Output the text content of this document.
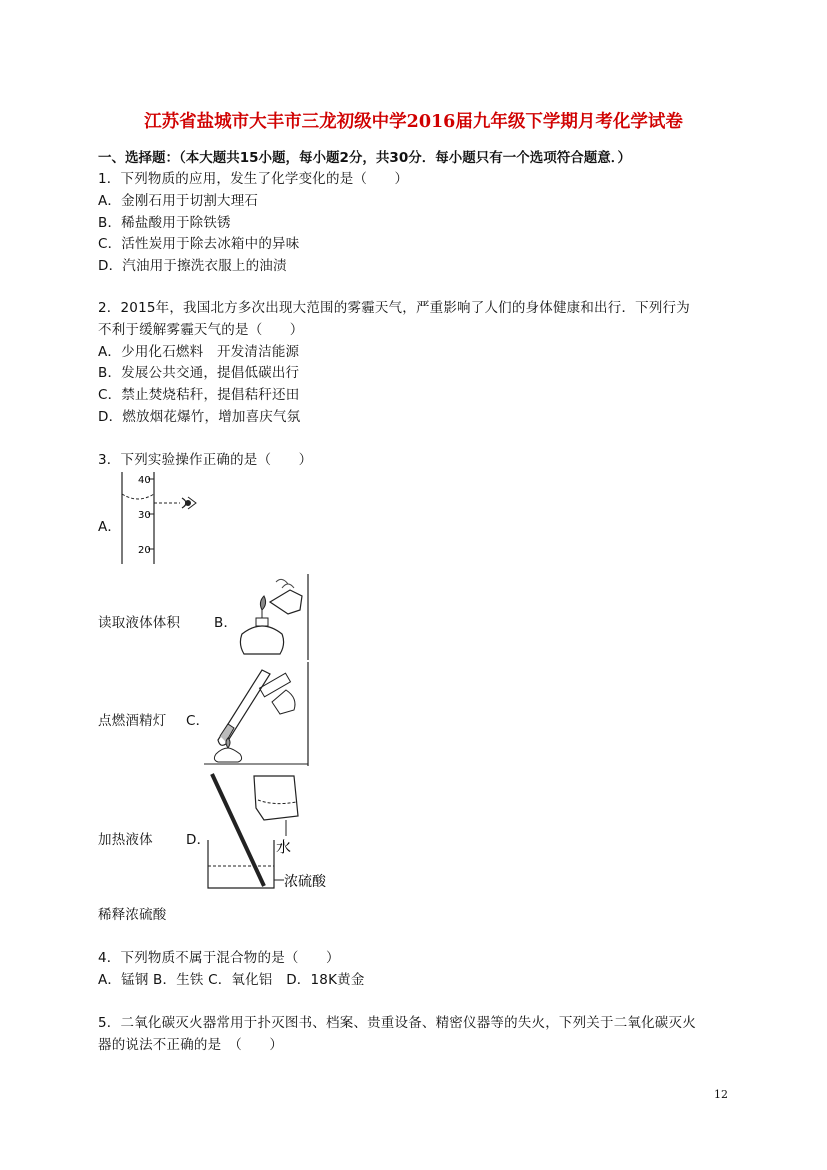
江苏省盐城市大丰市三龙初级中学2016届九年级下学期月考化学试卷
一、选择题：（本大题共15小题，每小题2分，共30分．每小题只有一个选项符合题意．）
1．下列物质的应用，发生了化学变化的是（　　）
A．金刚石用于切割大理石
B．稀盐酸用于除铁锈
C．活性炭用于除去冰箱中的异味
D．汽油用于擦洗衣服上的油渍
2．2015年，我国北方多次出现大范围的雾霾天气，严重影响了人们的身体健康和出行．下列行为
不利于缓解雾霾天气的是（　　）
A．少用化石燃料　开发清洁能源
B．发展公共交通，提倡低碳出行
C．禁止焚烧秸秆，提倡秸秆还田
D．燃放烟花爆竹，增加喜庆气氛
3．下列实验操作正确的是（　　）
A．
40
30
20
读取液体体积	B．
点燃酒精灯 C．
加热液体 D．	水
浓硫酸
稀释浓硫酸
4．下列物质不属于混合物的是（　　）
A．锰钢 B．生铁 C．氧化铝　D．18K黄金
5．二氧化碳灭火器常用于扑灭图书、档案、贵重设备、精密仪器等的失火，下列关于二氧化碳灭火
器的说法不正确的是　（　　）
12
